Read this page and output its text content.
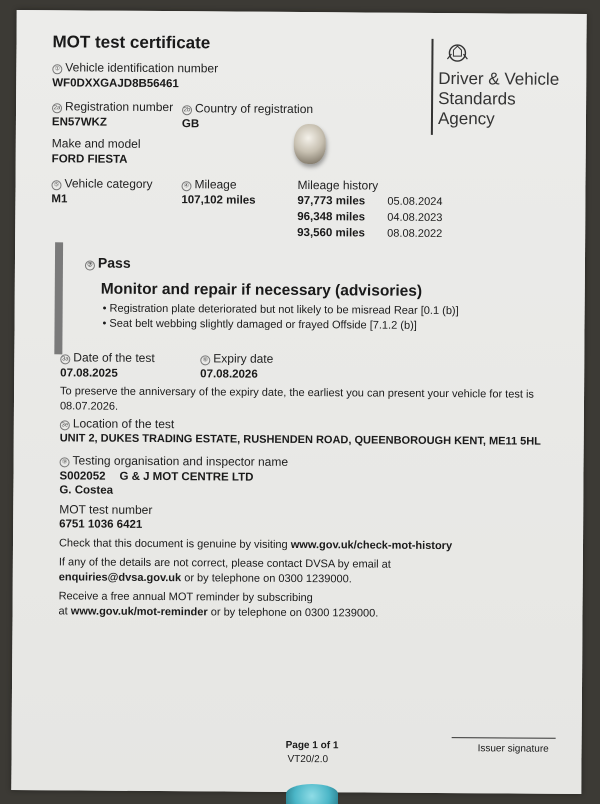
MOT test certificate
① Vehicle identification number
WF0DXXGAJD8B56461
2a Registration number
EN57WKZ
2b Country of registration
GB
Make and model
FORD FIESTA
⑤ Vehicle category
M1
④ Mileage
107,102 miles
Mileage history
97,773 miles 05.08.2024
96,348 miles 04.08.2023
93,560 miles 08.08.2022
Driver & Vehicle
Standards
Agency
⑦ Pass
Monitor and repair if necessary (advisories)
• Registration plate deteriorated but not likely to be misread Rear [0.1 (b)]
• Seat belt webbing slightly damaged or frayed Offside [7.1.2 (b)]
3a Date of the test
07.08.2025
⑧ Expiry date
07.08.2026
To preserve the anniversary of the expiry date, the earliest you can present your vehicle for test is
08.07.2026.
3e Location of the test
UNIT 2, DUKES TRADING ESTATE, RUSHENDEN ROAD, QUEENBOROUGH KENT, ME11 5HL
⑨ Testing organisation and inspector name
S002052 G & J MOT CENTRE LTD
G. Costea
MOT test number
6751 1036 6421
Check that this document is genuine by visiting www.gov.uk/check-mot-history
If any of the details are not correct, please contact DVSA by email at
enquiries@dvsa.gov.uk or by telephone on 0300 1239000.
Receive a free annual MOT reminder by subscribing
at www.gov.uk/mot-reminder or by telephone on 0300 1239000.
Page 1 of 1
VT20/2.0
Issuer signature
